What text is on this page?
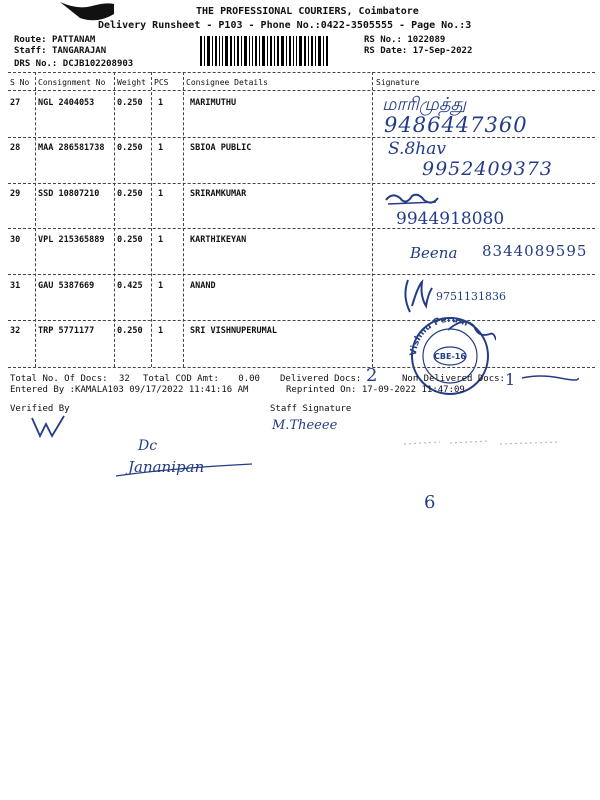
THE PROFESSIONAL COURIERS, Coimbatore
Delivery Runsheet - P103 - Phone No.:0422-3505555 - Page No.:3
Route: PATTANAM
Staff: TANGARAJAN
DRS No.: DCJB102208903
RS No.: 1022089
RS Date: 17-Sep-2022
S No Consignment No Weight PCS Consignee Details	Signature
27 NGL 2404053	0.250 1	MARIMUTHU	மாரிமுத்து
9486447360
28 MAA 286581738 0.250 1	SBIOA PUBLIC	S.8hav
9952409373
29 SSD 10807210 0.250 1	SRIRAMKUMAR
9944918080
30 VPL 215365889 0.250 1	KARTHIKEYAN
Beena 8344089595
31 GAU 5387669	0.425 1	ANAND
9751131836
32 TRP 5771177	0.250 1	SRI VISHNUPERUMAL
Vishnu Perum
CBE-16
Total No. Of Docs: 32 Total COD Amt: 0.00 Delivered Docs: 2	Non Delivered Docs: 1
Entered By :KAMALA103 09/17/2022 11:41:16 AM	Reprinted On: 17-09-2022 11:47:09
Verified By	Staff Signature
M.Theeee
Dc
Jananipan
6
